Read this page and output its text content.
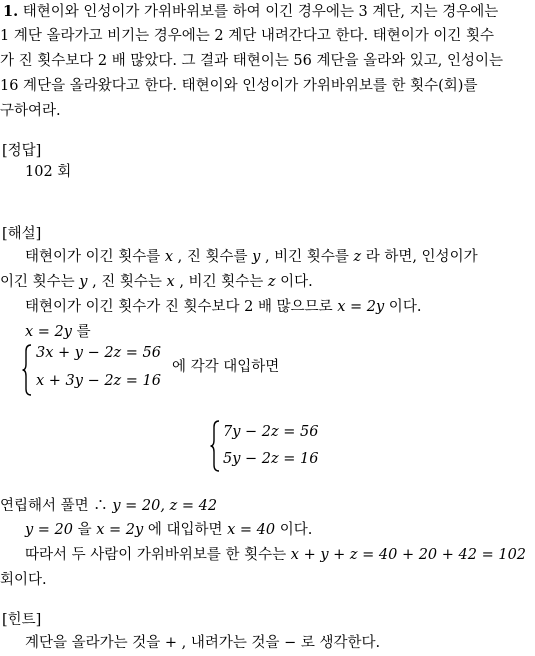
1. 태현이와 인성이가 가위바위보를 하여 이긴 경우에는 3 계단, 지는 경우에는
1 계단 올라가고 비기는 경우에는 2 계단 내려간다고 한다. 태현이가 이긴 횟수
가 진 횟수보다 2 배 많았다. 그 결과 태현이는 56 계단을 올라와 있고, 인성이는
16 계단을 올라왔다고 한다. 태현이와 인성이가 가위바위보를 한 횟수(회)를
구하여라.
[정답]
102 회
[해설]
태현이가 이긴 횟수를 x , 진 횟수를 y , 비긴 횟수를 z 라 하면, 인성이가
이긴 횟수는 y , 진 횟수는 x , 비긴 횟수는 z 이다.
태현이가 이긴 횟수가 진 횟수보다 2 배 많으므로 x = 2y 이다.
x = 2y 를
3x + y − 2z = 56
x + 3y − 2z = 16
에 각각 대입하면
7y − 2z = 56
5y − 2z = 16
연립해서 풀면 ∴ y = 20, z = 42
y = 20 을 x = 2y 에 대입하면 x = 40 이다.
따라서 두 사람이 가위바위보를 한 횟수는 x + y + z = 40 + 20 + 42 = 102
회이다.
[힌트]
계단을 올라가는 것을 + , 내려가는 것을 − 로 생각한다.
